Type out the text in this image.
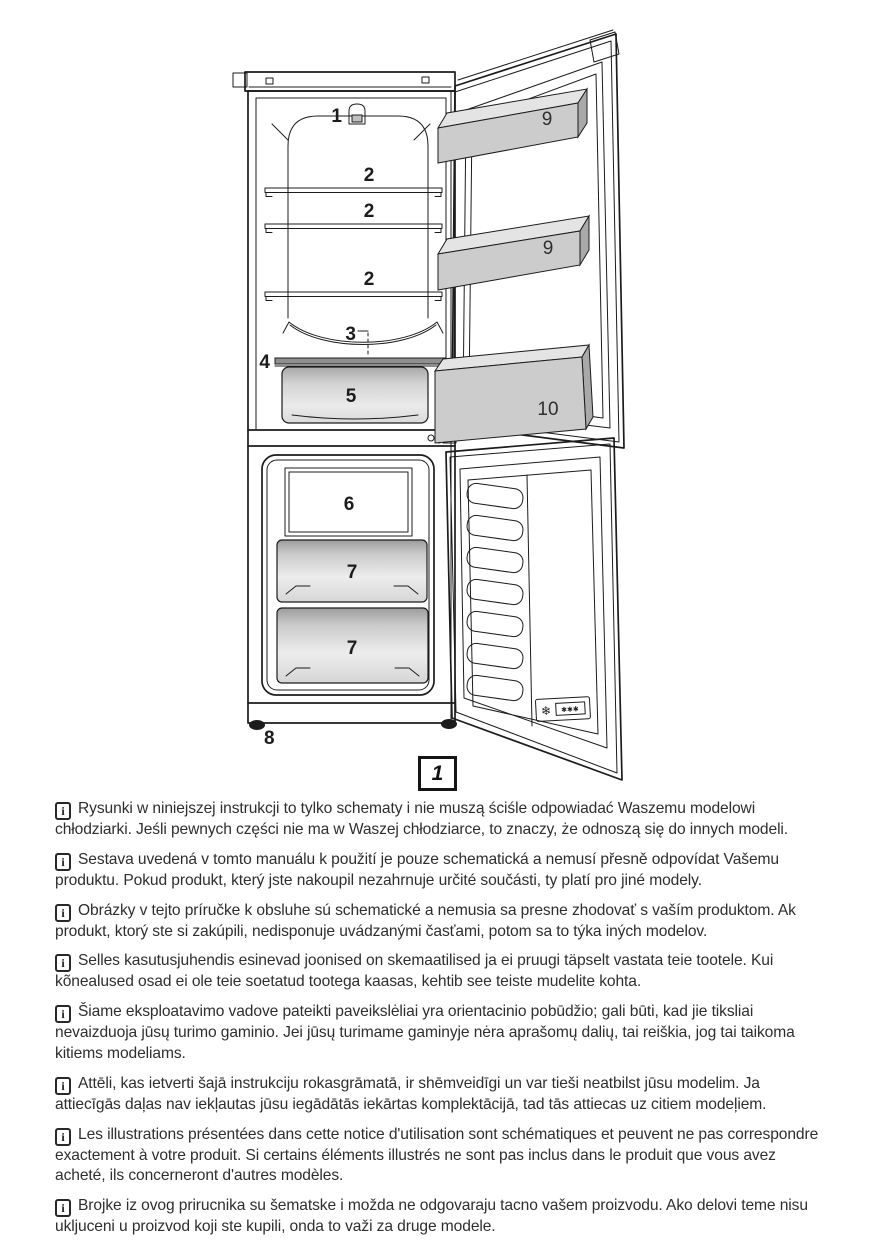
1
2
2
2
3
4
5
6
7
7
8
9
9
10
❄ ✱✱✱
1

i Rysunki w niniejszej instrukcji to tylko schematy i nie muszą ściśle odpowiadać Waszemu modelowi chłodziarki. Jeśli pewnych części nie ma w Waszej chłodziarce, to znaczy, że odnoszą się do innych modeli.

i Sestava uvedená v tomto manuálu k použití je pouze schematická a nemusí přesně odpovídat Vašemu produktu. Pokud produkt, který jste nakoupil nezahrnuje určité součásti, ty platí pro jiné modely.

i Obrázky v tejto príručke k obsluhe sú schematické a nemusia sa presne zhodovať s vaším produktom. Ak produkt, ktorý ste si zakúpili, nedisponuje uvádzanými časťami, potom sa to týka iných modelov.

i Selles kasutusjuhendis esinevad joonised on skemaatilised ja ei pruugi täpselt vastata teie tootele. Kui kõnealused osad ei ole teie soetatud tootega kaasas, kehtib see teiste mudelite kohta.

i Šiame eksploatavimo vadove pateikti paveikslėliai yra orientacinio pobūdžio; gali būti, kad jie tiksliai nevaizduoja jūsų turimo gaminio. Jei jūsų turimame gaminyje nėra aprašomų dalių, tai reiškia, jog tai taikoma kitiems modeliams.

i Attēli, kas ietverti šajā instrukciju rokasgrāmatā, ir shēmveidīgi un var tieši neatbilst jūsu modelim. Ja attiecīgās daļas nav iekļautas jūsu iegādātās iekārtas komplektācijā, tad tās attiecas uz citiem modeļiem.

i Les illustrations présentées dans cette notice d'utilisation sont schématiques et peuvent ne pas correspondre exactement à votre produit. Si certains éléments illustrés ne sont pas inclus dans le produit que vous avez acheté, ils concerneront d'autres modèles.

i Brojke iz ovog prirucnika su šematske i možda ne odgovaraju tacno vašem proizvodu. Ako delovi teme nisu ukljuceni u proizvod koji ste kupili, onda to važi za druge modele.
